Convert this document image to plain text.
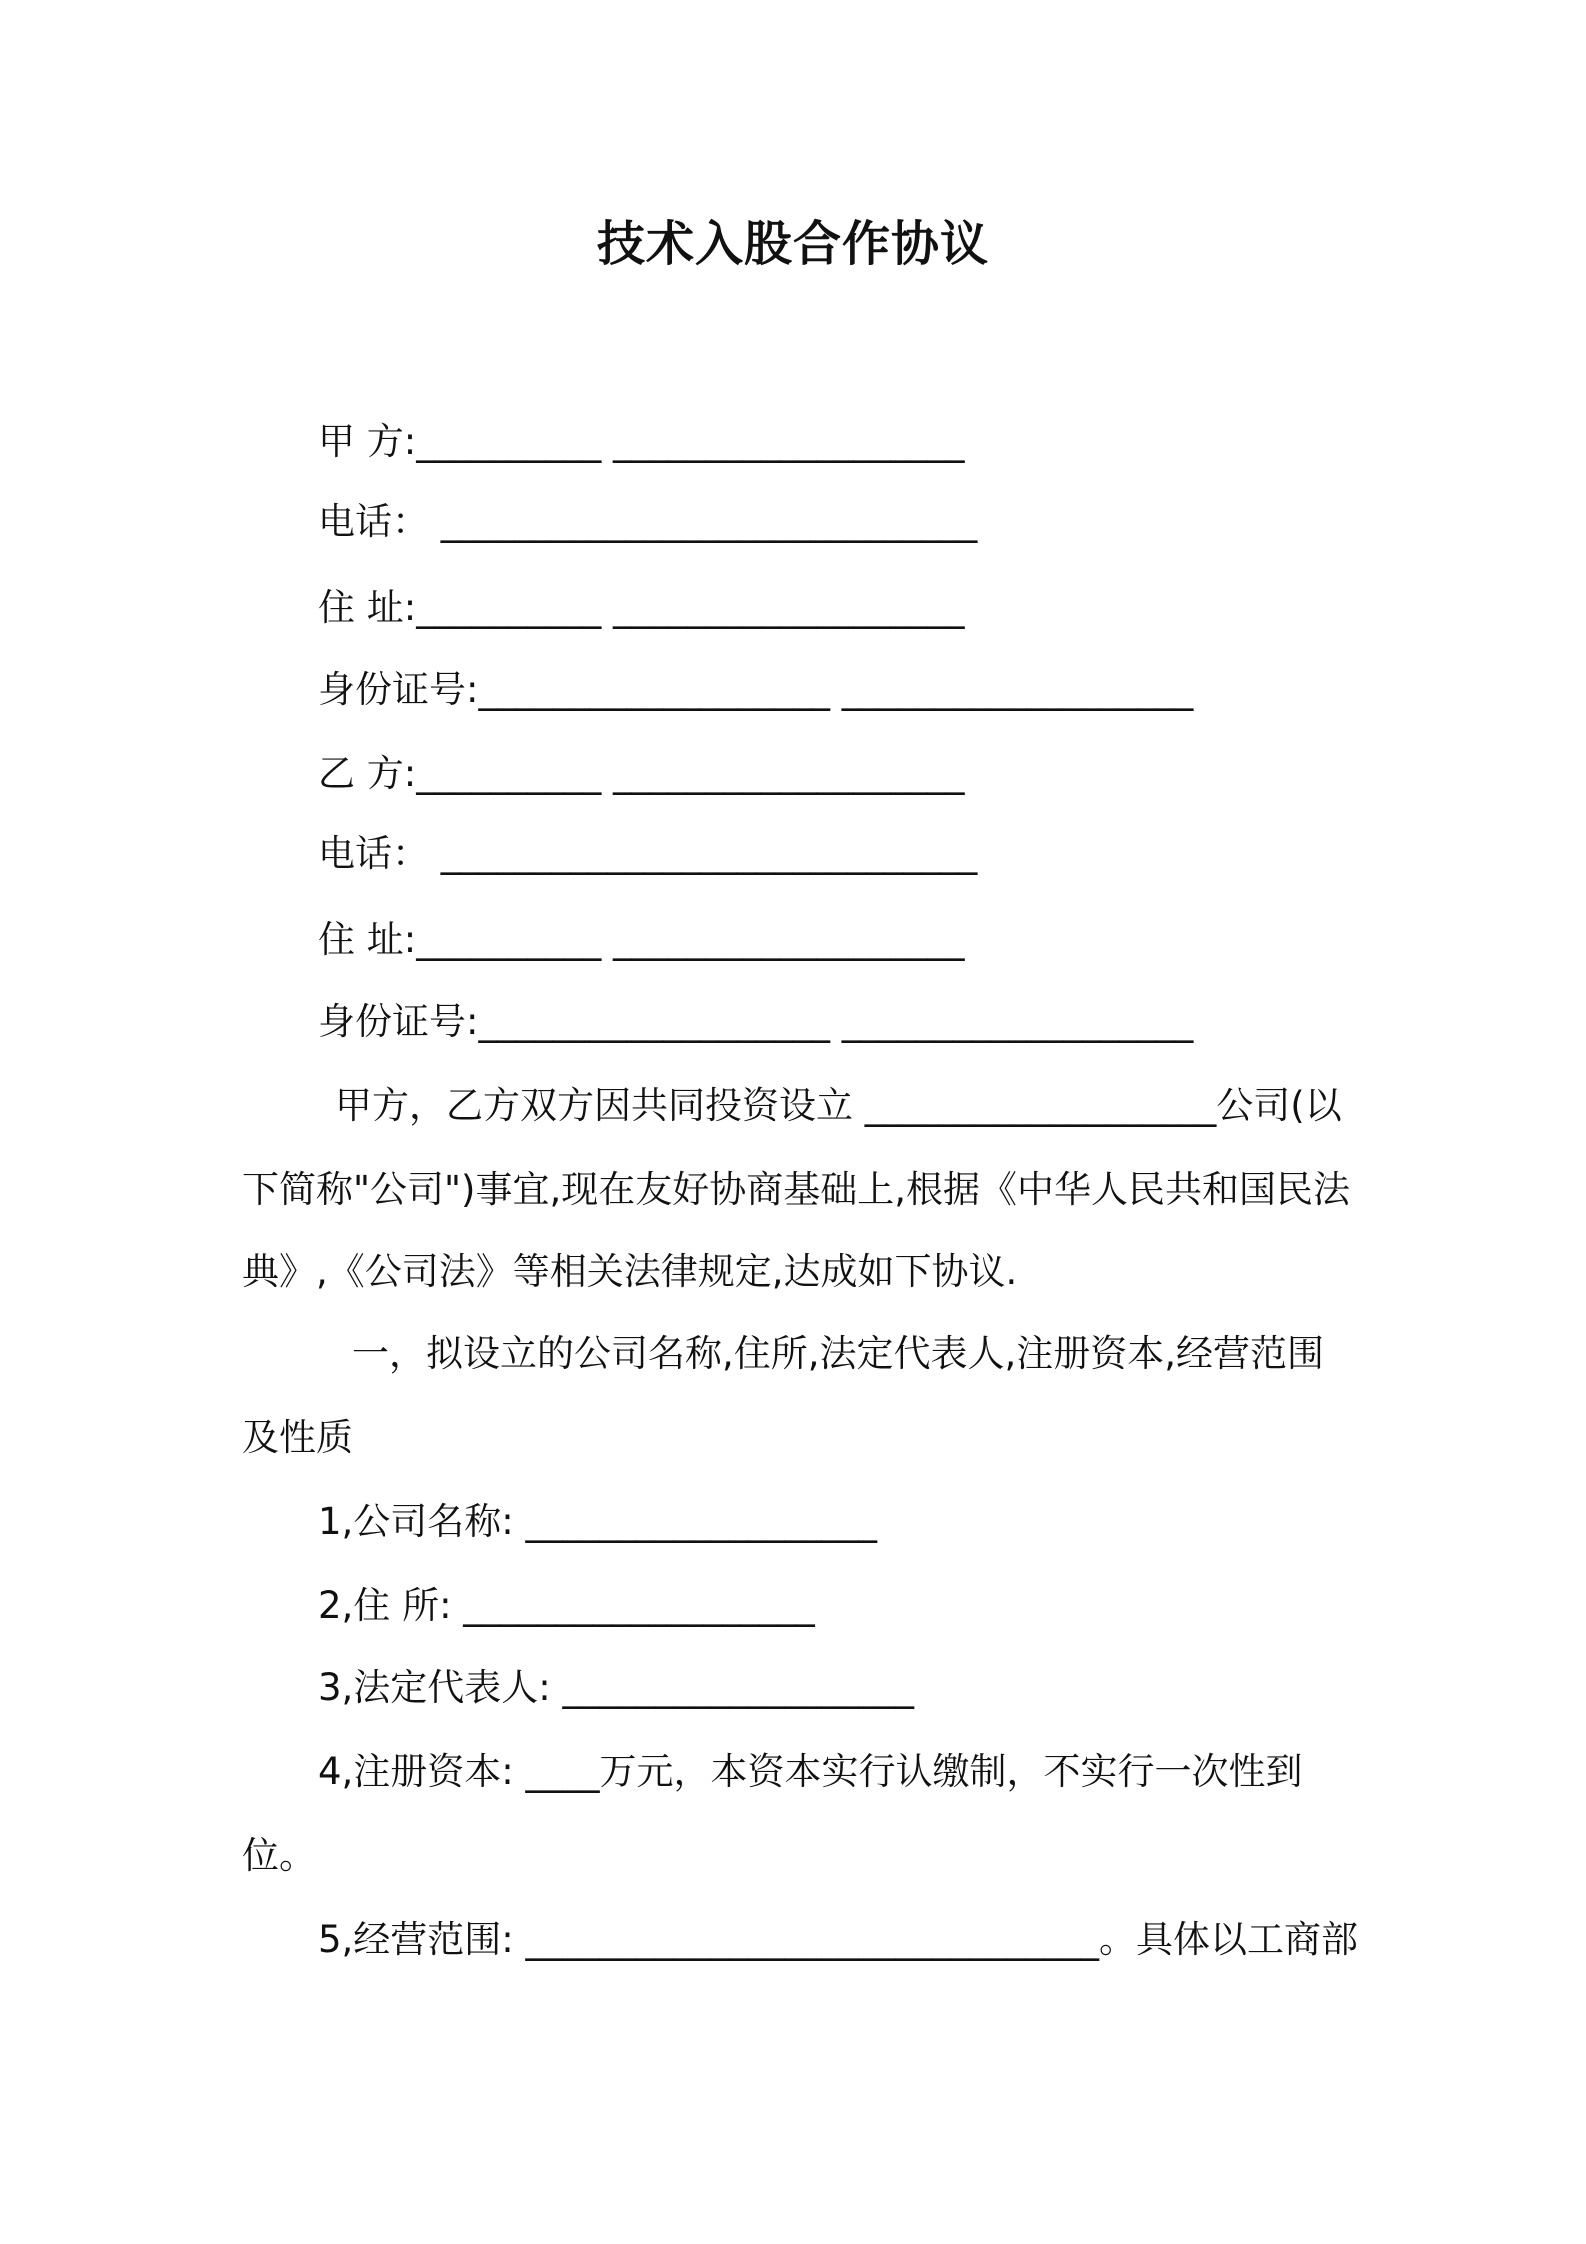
技术入股合作协议
甲 方:__________ ___________________
电话： _____________________________
住 址:__________ ___________________
身份证号:___________________ ___________________
乙 方:__________ ___________________
电话： _____________________________
住 址:__________ ___________________
身份证号:___________________ ___________________
甲方，乙方双方因共同投资设立 ___________________公司(以
下简称"公司")事宜,现在友好协商基础上,根据《中华人民共和国民法
典》,《公司法》等相关法律规定,达成如下协议.
一，拟设立的公司名称,住所,法定代表人,注册资本,经营范围
及性质
1,公司名称: ___________________
2,住 所: ___________________
3,法定代表人: ___________________
4,注册资本: ____万元，本资本实行认缴制，不实行一次性到
位。
5,经营范围: _______________________________。具体以工商部
